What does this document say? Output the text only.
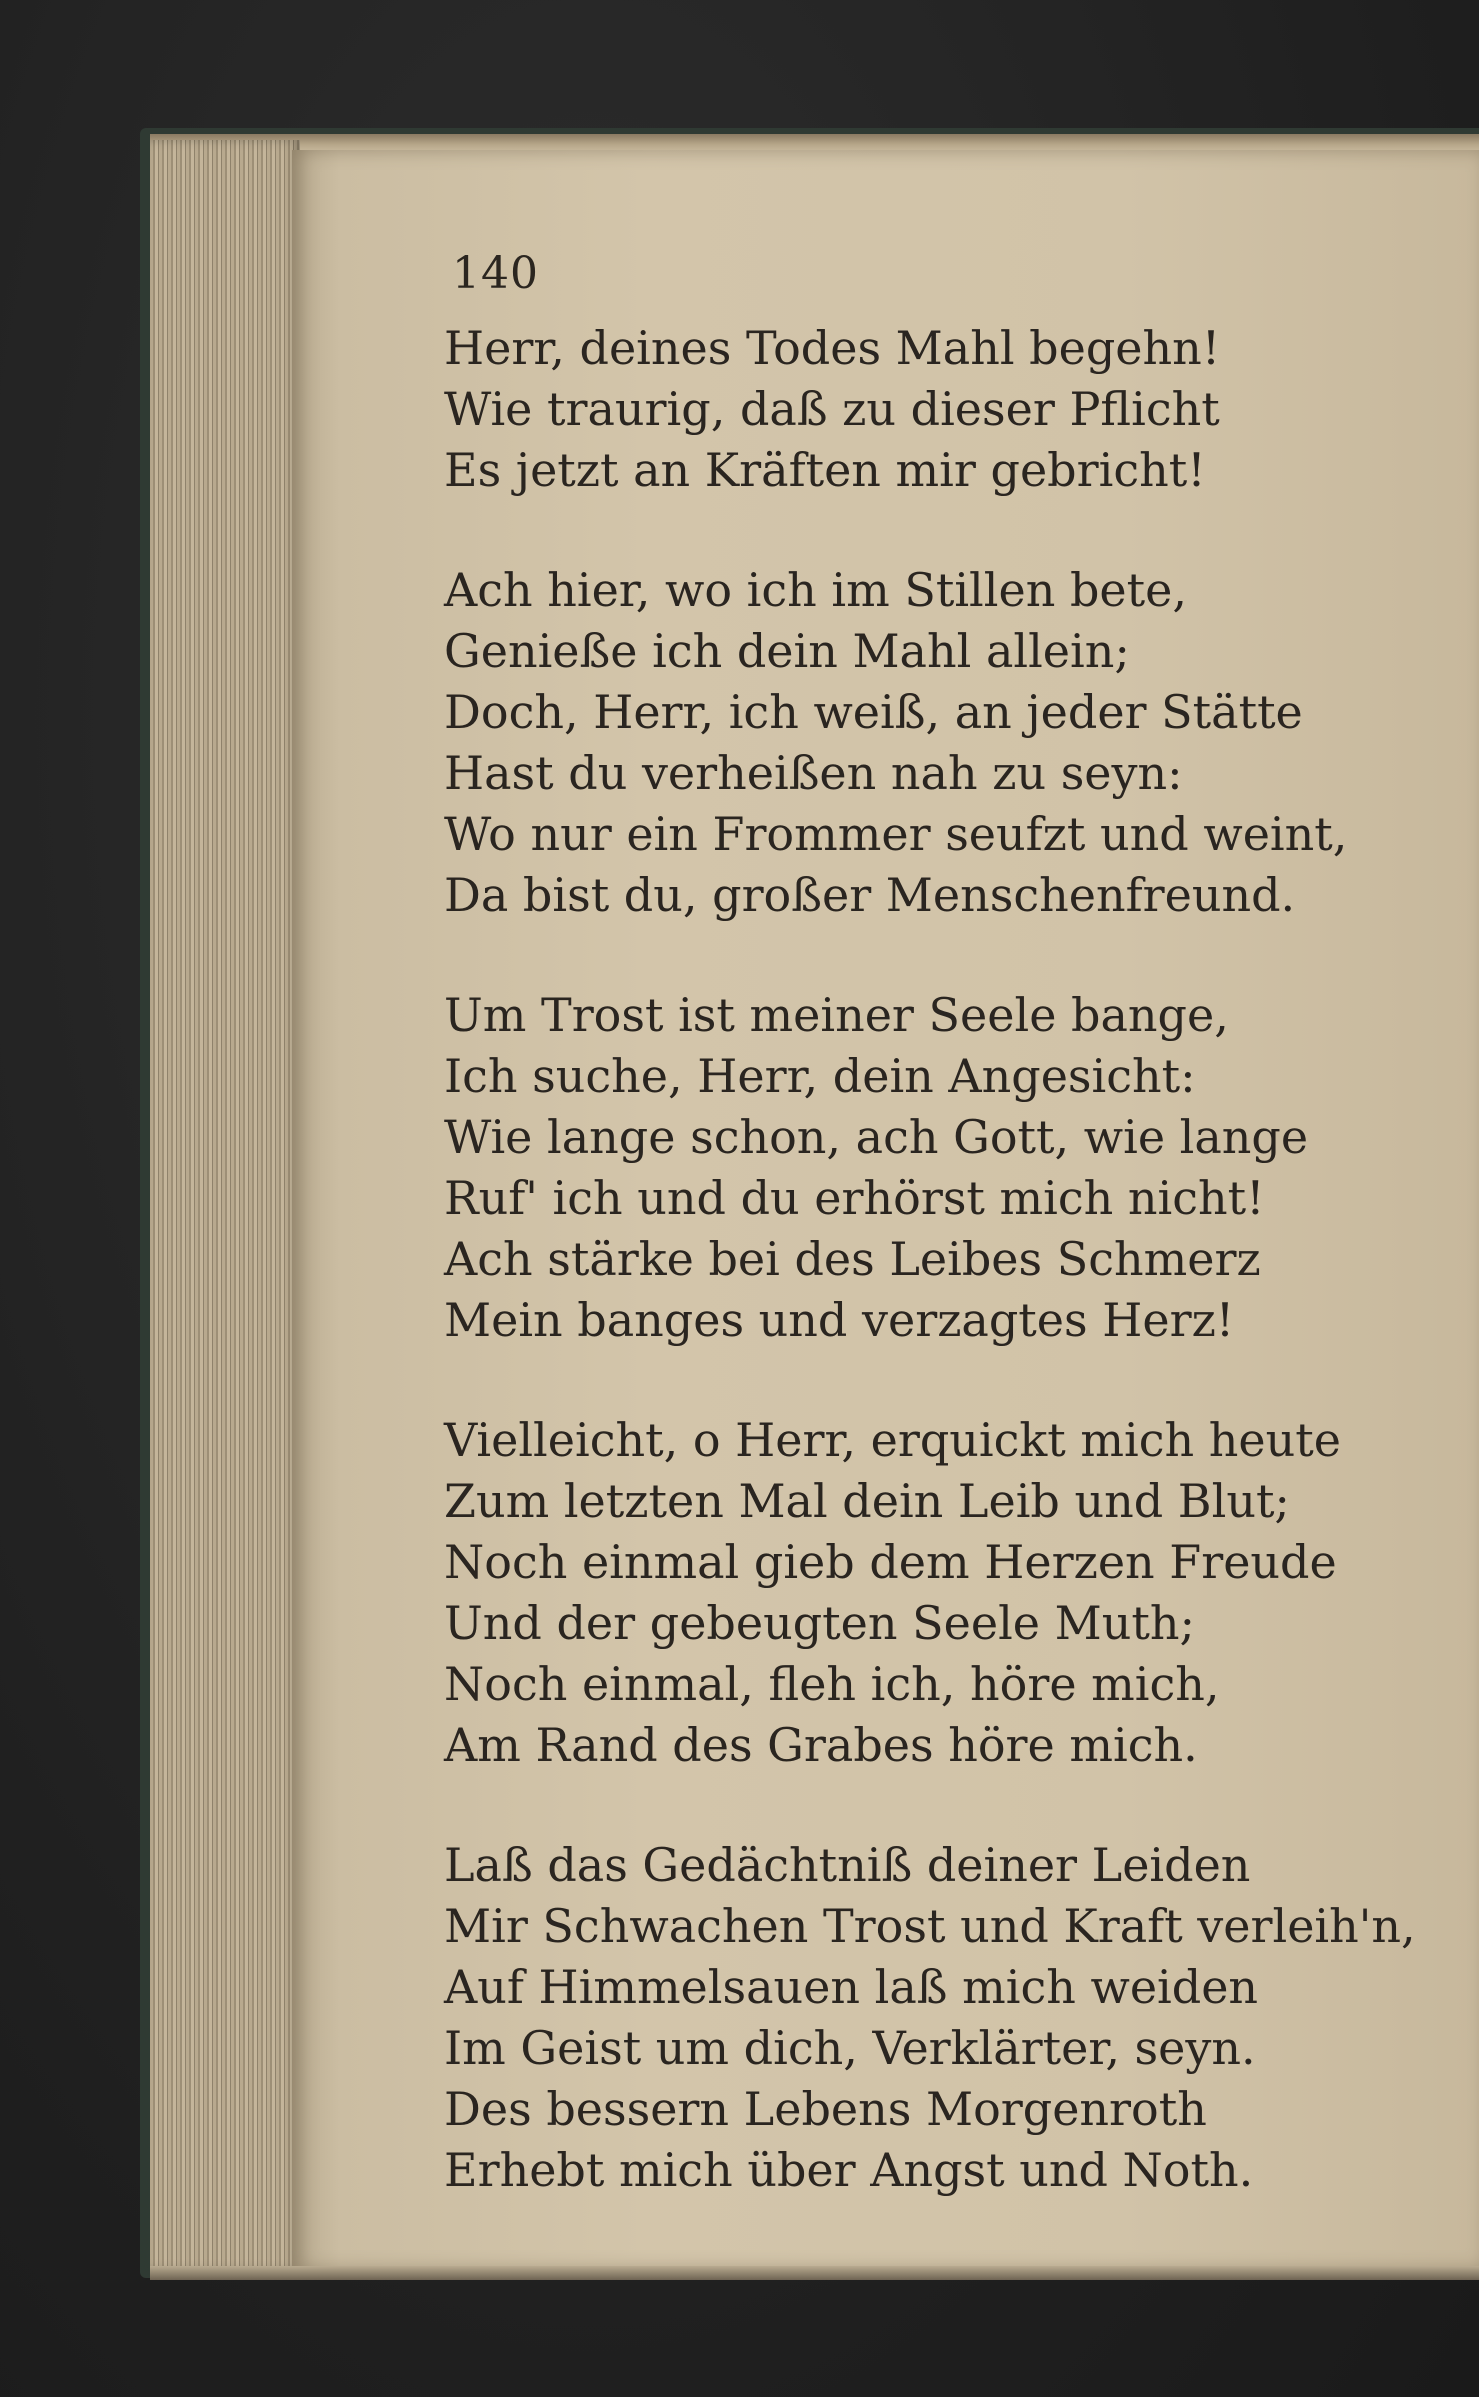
140
Herr, deines Todes Mahl begehn!
Wie traurig, daß zu dieser Pflicht
Es jetzt an Kräften mir gebricht!
Ach hier, wo ich im Stillen bete,
Genieße ich dein Mahl allein;
Doch, Herr, ich weiß, an jeder Stätte
Hast du verheißen nah zu seyn:
Wo nur ein Frommer seufzt und weint,
Da bist du, großer Menschenfreund.
Um Trost ist meiner Seele bange,
Ich suche, Herr, dein Angesicht:
Wie lange schon, ach Gott, wie lange
Ruf' ich und du erhörst mich nicht!
Ach stärke bei des Leibes Schmerz
Mein banges und verzagtes Herz!
Vielleicht, o Herr, erquickt mich heute
Zum letzten Mal dein Leib und Blut;
Noch einmal gieb dem Herzen Freude
Und der gebeugten Seele Muth;
Noch einmal, fleh ich, höre mich,
Am Rand des Grabes höre mich.
Laß das Gedächtniß deiner Leiden
Mir Schwachen Trost und Kraft verleih'n,
Auf Himmelsauen laß mich weiden
Im Geist um dich, Verklärter, seyn.
Des bessern Lebens Morgenroth
Erhebt mich über Angst und Noth.
